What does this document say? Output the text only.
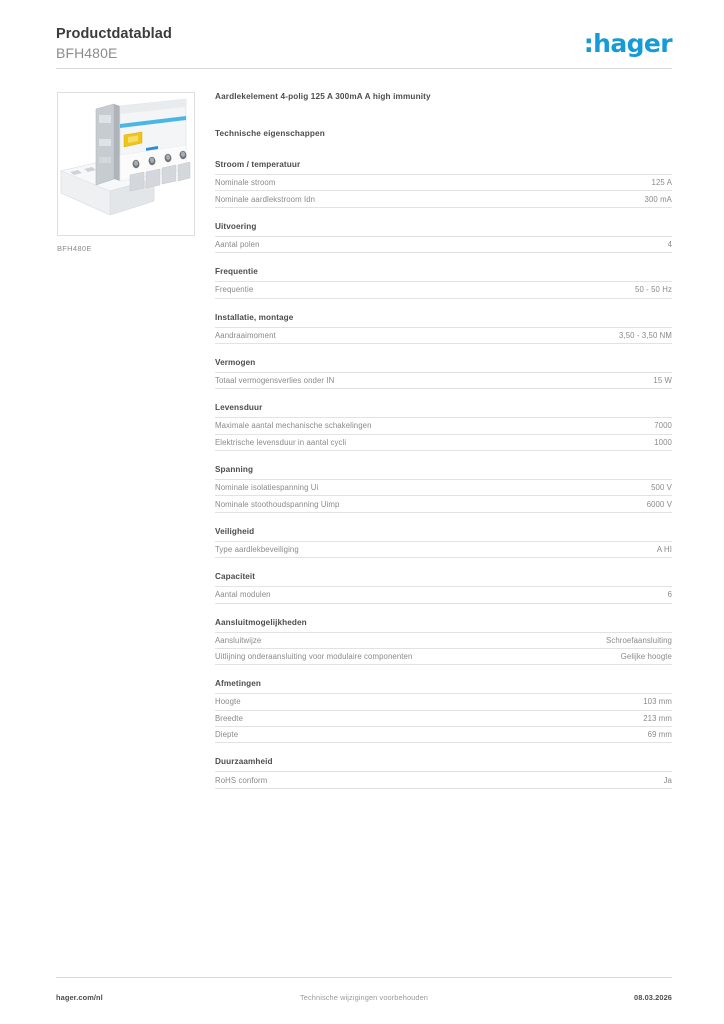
Productdatablad
BFH480E	:hager
BFH480E
Aardlekelement 4-polig 125 A 300mA A high immunity
Technische eigenschappen
Stroom / temperatuur
Nominale stroom	125 A
Nominale aardlekstroom Idn	300 mA
Uitvoering
Aantal polen	4
Frequentie
Frequentie	50 - 50 Hz
Installatie, montage
Aandraaimoment	3,50 - 3,50 NM
Vermogen
Totaal vermogensverlies onder IN	15 W
Levensduur
Maximale aantal mechanische schakelingen	7000
Elektrische levensduur in aantal cycli	1000
Spanning
Nominale isolatiespanning Ui	500 V
Nominale stoothoudspanning Uimp	6000 V
Veiligheid
Type aardlekbeveiliging	A HI
Capaciteit
Aantal modulen	6
Aansluitmogelijkheden
Aansluitwijze	Schroefaansluiting
Uitlijning onderaansluiting voor modulaire componenten	Gelijke hoogte
Afmetingen
Hoogte	103 mm
Breedte	213 mm
Diepte	69 mm
Duurzaamheid
RoHS conform	Ja
hager.com/nl	Technische wijzigingen voorbehouden	08.03.2026
